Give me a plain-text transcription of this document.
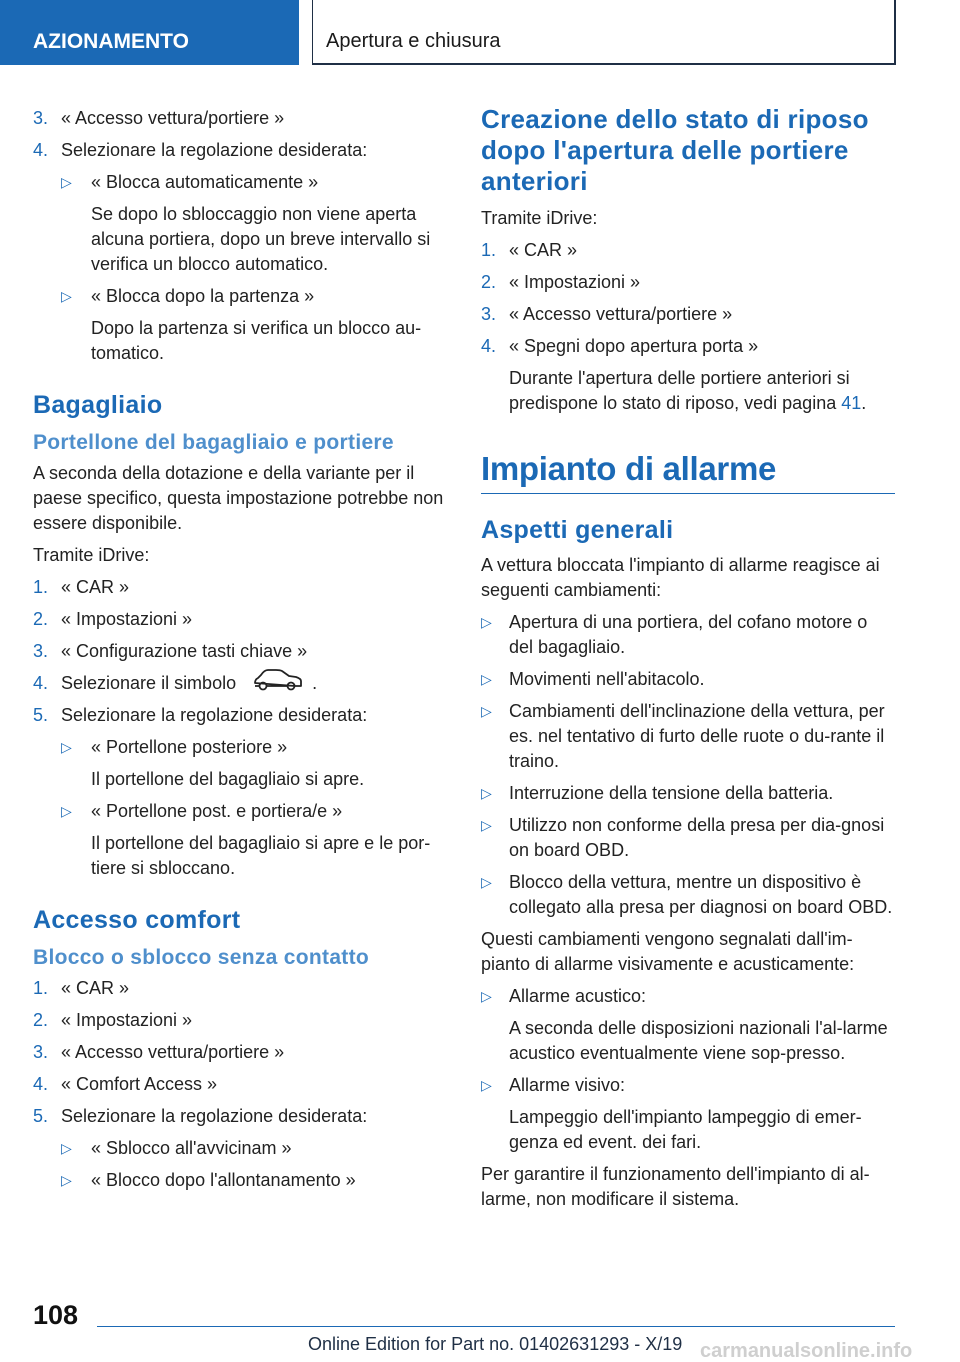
AZIONAMENTO	Apertura e chiusura
3. « Accesso vettura/portiere »
4. Selezionare la regolazione desiderata:
▷ « Blocca automaticamente »
Se dopo lo sbloccaggio non viene aperta alcuna portiera, dopo un breve intervallo si verifica un blocco automatico.
▷ « Blocca dopo la partenza »
Dopo la partenza si verifica un blocco au-tomatico.
Bagagliaio
Portellone del bagagliaio e portiere

A seconda della dotazione e della variante per il paese specifico, questa impostazione potrebbe non essere disponibile.

Tramite iDrive:

1. « CAR »
2. « Impostazioni »
3. « Configurazione tasti chiave »
4. Selezionare il simbolo	.
5. Selezionare la regolazione desiderata:
▷ « Portellone posteriore »
Il portellone del bagagliaio si apre.
▷ « Portellone post. e portiera/e »
Il portellone del bagagliaio si apre e le por-tiere si sbloccano.
Accesso comfort
Blocco o sblocco senza contatto
1. « CAR »
2. « Impostazioni »
3. « Accesso vettura/portiere »
4. « Comfort Access »
5. Selezionare la regolazione desiderata:
▷ « Sblocco all'avvicinam »
▷ « Blocco dopo l'allontanamento »
Creazione dello stato di riposo dopo l'apertura delle portiere anteriori

Tramite iDrive:

1. « CAR »
2. « Impostazioni »
3. « Accesso vettura/portiere »
4. « Spegni dopo apertura porta »
Durante l'apertura delle portiere anteriori si predispone lo stato di riposo, vedi pagina 41.
Impianto di allarme
Aspetti generali

A vettura bloccata l'impianto di allarme reagisce ai seguenti cambiamenti:

▷ Apertura di una portiera, del cofano motore o del bagagliaio.
▷ Movimenti nell'abitacolo.
▷ Cambiamenti dell'inclinazione della vettura, per es. nel tentativo di furto delle ruote o du-rante il traino.
▷ Interruzione della tensione della batteria.
▷ Utilizzo non conforme della presa per dia-gnosi on board OBD.
▷ Blocco della vettura, mentre un dispositivo è collegato alla presa per diagnosi on board OBD.

Questi cambiamenti vengono segnalati dall'im-pianto di allarme visivamente e acusticamente:

▷ Allarme acustico:
A seconda delle disposizioni nazionali l'al-larme acustico eventualmente viene sop-presso.
▷ Allarme visivo:
Lampeggio dell'impianto lampeggio di emer-genza ed event. dei fari.

Per garantire il funzionamento dell'impianto di al-larme, non modificare il sistema.

108
Online Edition for Part no. 01402631293 - X/19 carmanualsonline.info
